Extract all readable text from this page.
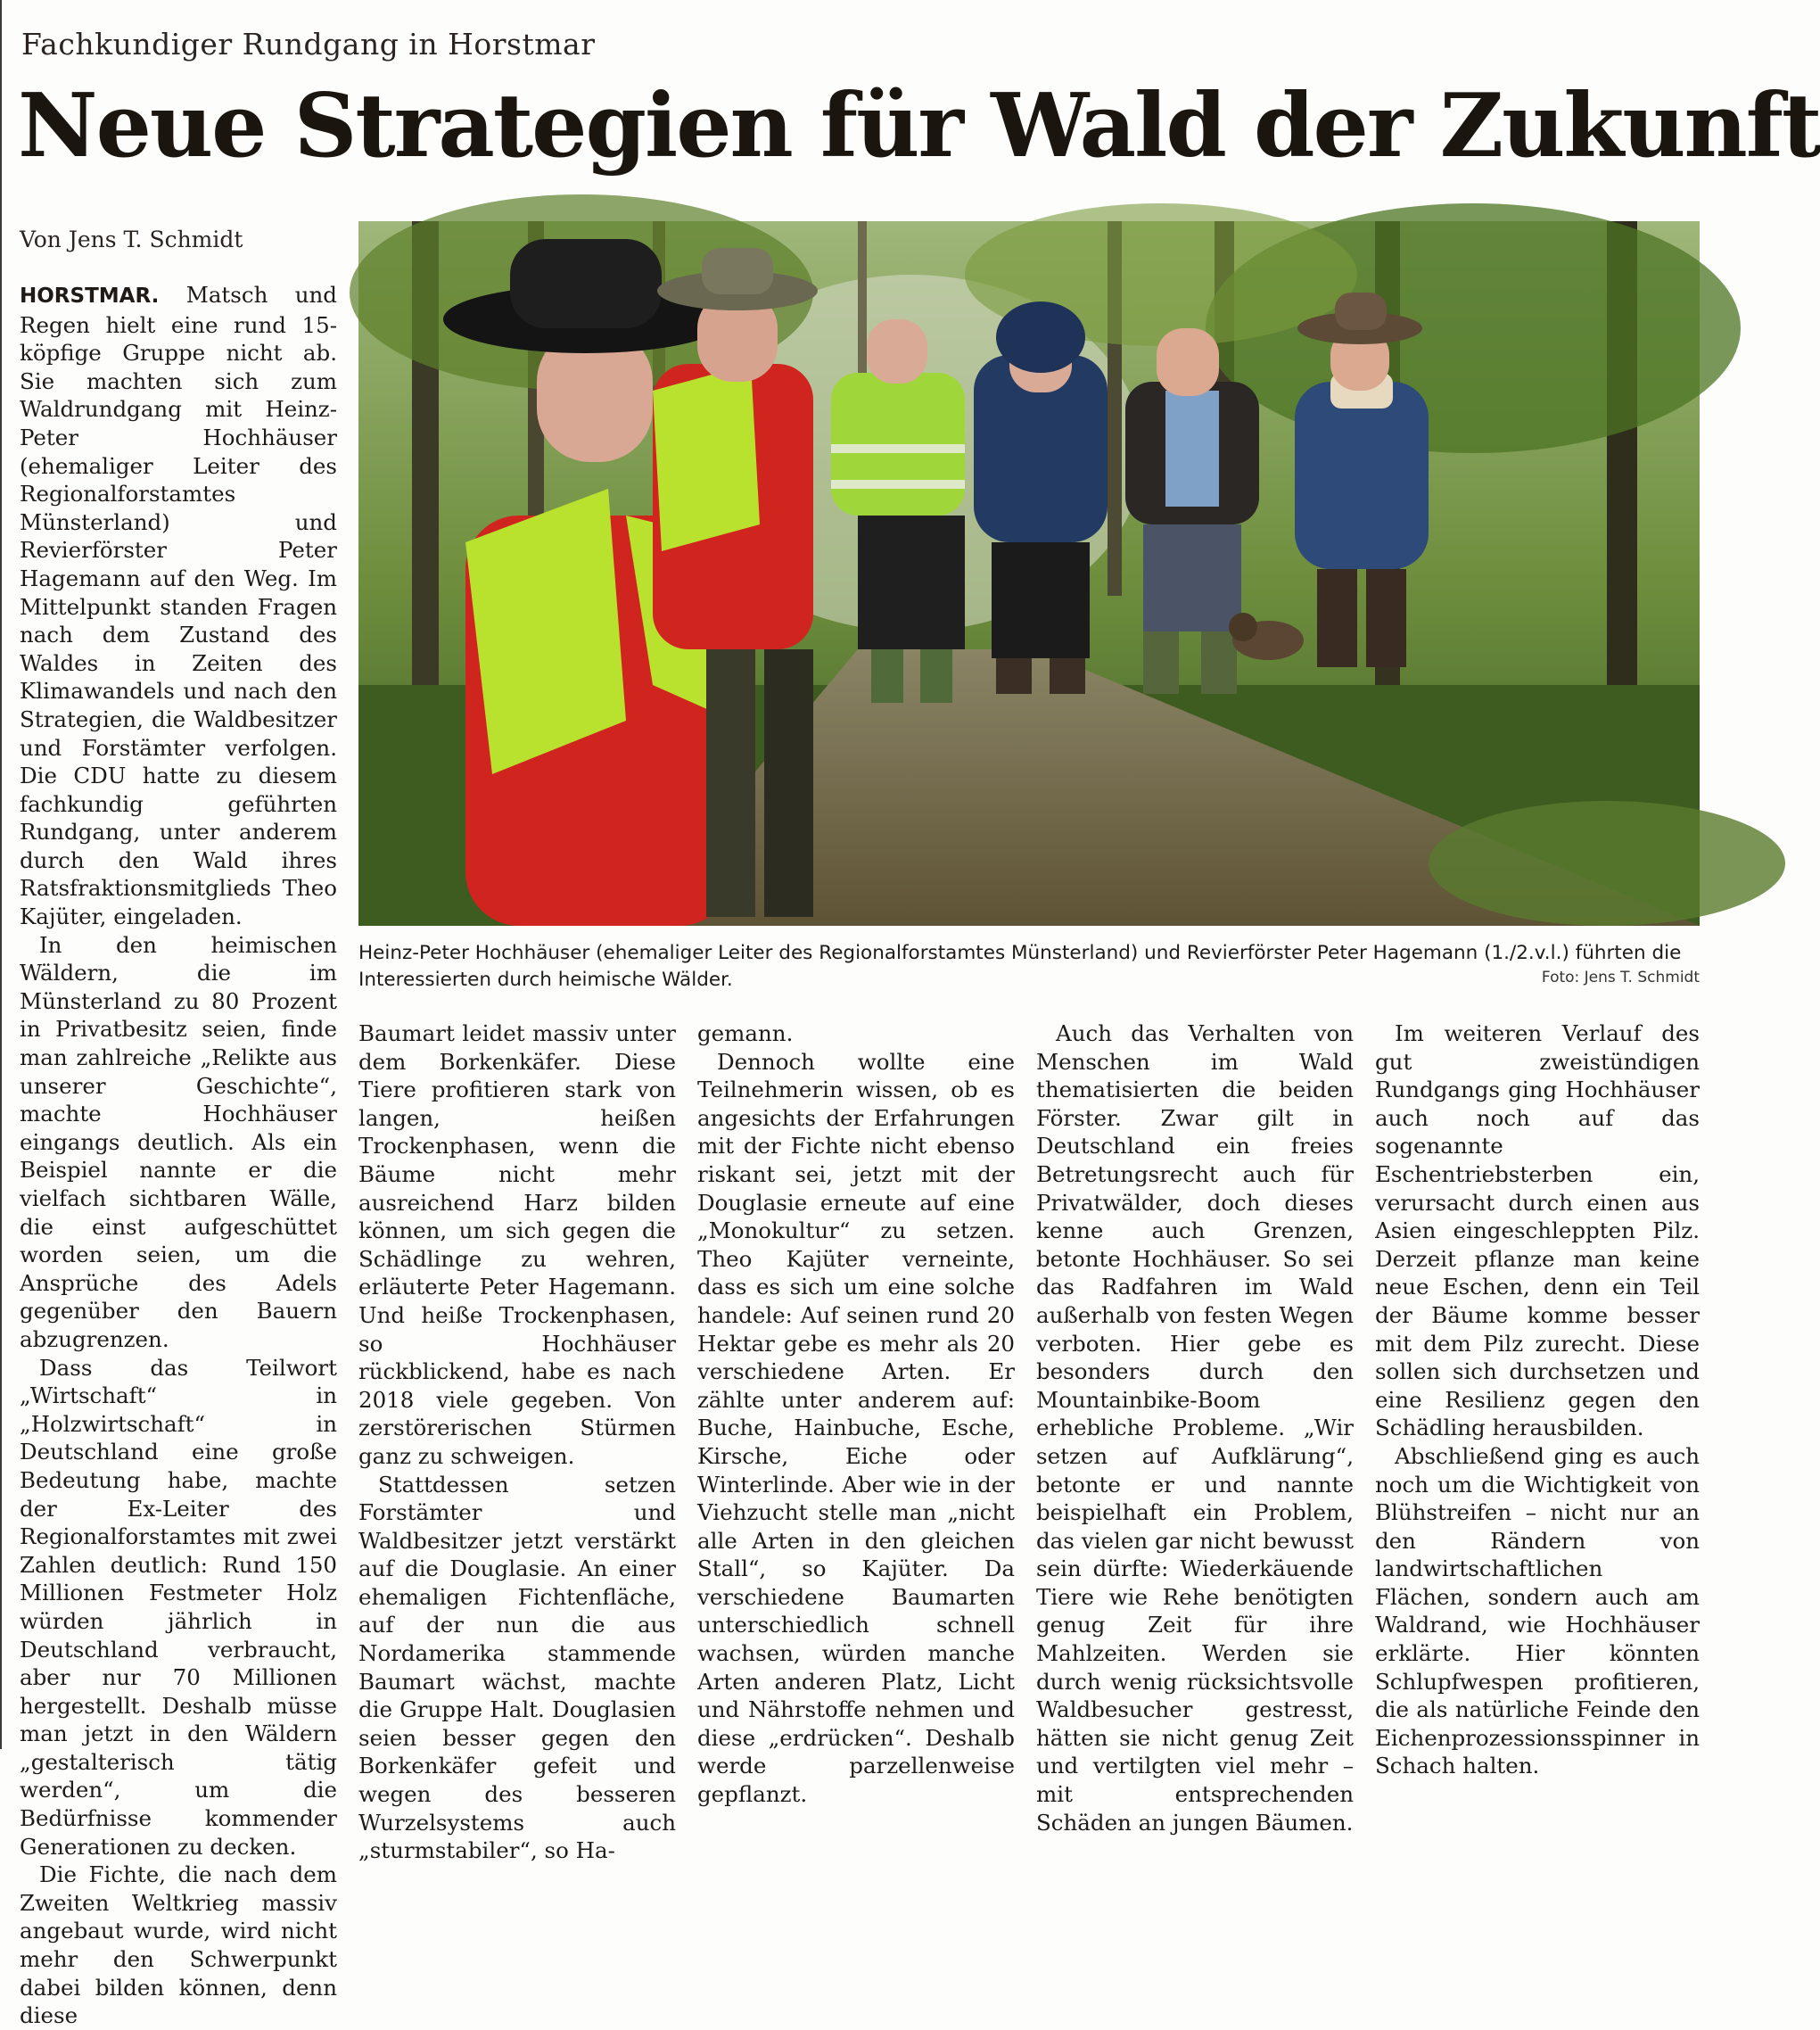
Fachkundiger Rundgang in Horstmar
Neue Strategien für Wald der Zukunft
Von Jens T. Schmidt

HORSTMAR. Matsch und Regen hielt eine rund 15-köpfige Gruppe nicht ab. Sie machten sich zum Waldrundgang mit Heinz-Peter Hochhäuser (ehemaliger Leiter des Regionalforstamtes Münsterland) und Revierförster Peter Hagemann auf den Weg. Im Mittelpunkt standen Fragen nach dem Zustand des Waldes in Zeiten des Klimawandels und nach den Strategien, die Waldbesitzer und Forstämter verfolgen. Die CDU hatte zu diesem fachkundig geführten Rundgang, unter anderem durch den Wald ihres Ratsfraktionsmitglieds Theo Kajüter, eingeladen.

In den heimischen Wäldern, die im Münsterland zu 80 Prozent in Privatbesitz seien, finde man zahlreiche „Relikte aus unserer Geschichte“, machte Hochhäuser eingangs deutlich. Als ein Beispiel nannte er die vielfach sichtbaren Wälle, die einst aufgeschüttet worden seien, um die Ansprüche des Adels gegenüber den Bauern abzugrenzen.

Dass das Teilwort „Wirtschaft“ in „Holzwirtschaft“ in Deutschland eine große Bedeutung habe, machte der Ex-Leiter des Regionalforstamtes mit zwei Zahlen deutlich: Rund 150 Millionen Festmeter Holz würden jährlich in Deutschland verbraucht, aber nur 70 Millionen hergestellt. Deshalb müsse man jetzt in den Wäldern „gestalterisch tätig werden“, um die Bedürfnisse kommender Generationen zu decken.

Die Fichte, die nach dem Zweiten Weltkrieg massiv angebaut wurde, wird nicht mehr den Schwerpunkt dabei bilden können, denn diese

Heinz-Peter Hochhäuser (ehemaliger Leiter des Regionalforstamtes Münsterland) und Revierförster Peter Hagemann (1./2.v.l.) führten die Interessierten durch heimische Wälder.	Foto: Jens T. Schmidt

Baumart leidet massiv unter dem Borkenkäfer. Diese Tiere profitieren stark von langen, heißen Trockenphasen, wenn die Bäume nicht mehr ausreichend Harz bilden können, um sich gegen die Schädlinge zu wehren, erläuterte Peter Hagemann. Und heiße Trockenphasen, so Hochhäuser rückblickend, habe es nach 2018 viele gegeben. Von zerstörerischen Stürmen ganz zu schweigen.

Stattdessen setzen Forstämter und Waldbesitzer jetzt verstärkt auf die Douglasie. An einer ehemaligen Fichtenfläche, auf der nun die aus Nordamerika stammende Baumart wächst, machte die Gruppe Halt. Douglasien seien besser gegen den Borkenkäfer gefeit und wegen des besseren Wurzelsystems auch „sturmstabiler“, so Ha-

gemann.

Dennoch wollte eine Teilnehmerin wissen, ob es angesichts der Erfahrungen mit der Fichte nicht ebenso riskant sei, jetzt mit der Douglasie erneute auf eine „Monokultur“ zu setzen. Theo Kajüter verneinte, dass es sich um eine solche handele: Auf seinen rund 20 Hektar gebe es mehr als 20 verschiedene Arten. Er zählte unter anderem auf: Buche, Hainbuche, Esche, Kirsche, Eiche oder Winterlinde. Aber wie in der Viehzucht stelle man „nicht alle Arten in den gleichen Stall“, so Kajüter. Da verschiedene Baumarten unterschiedlich schnell wachsen, würden manche Arten anderen Platz, Licht und Nährstoffe nehmen und diese „erdrücken“. Deshalb werde parzellenweise gepflanzt.

Auch das Verhalten von Menschen im Wald thematisierten die beiden Förster. Zwar gilt in Deutschland ein freies Betretungsrecht auch für Privatwälder, doch dieses kenne auch Grenzen, betonte Hochhäuser. So sei das Radfahren im Wald außerhalb von festen Wegen verboten. Hier gebe es besonders durch den Mountainbike-Boom erhebliche Probleme. „Wir setzen auf Aufklärung“, betonte er und nannte beispielhaft ein Problem, das vielen gar nicht bewusst sein dürfte: Wiederkäuende Tiere wie Rehe benötigten genug Zeit für ihre Mahlzeiten. Werden sie durch wenig rücksichtsvolle Waldbesucher gestresst, hätten sie nicht genug Zeit und vertilgten viel mehr – mit entsprechenden Schäden an jungen Bäumen.

Im weiteren Verlauf des gut zweistündigen Rundgangs ging Hochhäuser auch noch auf das sogenannte Eschentriebsterben ein, verursacht durch einen aus Asien eingeschleppten Pilz. Derzeit pflanze man keine neue Eschen, denn ein Teil der Bäume komme besser mit dem Pilz zurecht. Diese sollen sich durchsetzen und eine Resilienz gegen den Schädling herausbilden.

Abschließend ging es auch noch um die Wichtigkeit von Blühstreifen – nicht nur an den Rändern von landwirtschaftlichen Flächen, sondern auch am Waldrand, wie Hochhäuser erklärte. Hier könnten Schlupfwespen profitieren, die als natürliche Feinde den Eichenprozessionsspinner in Schach halten.
